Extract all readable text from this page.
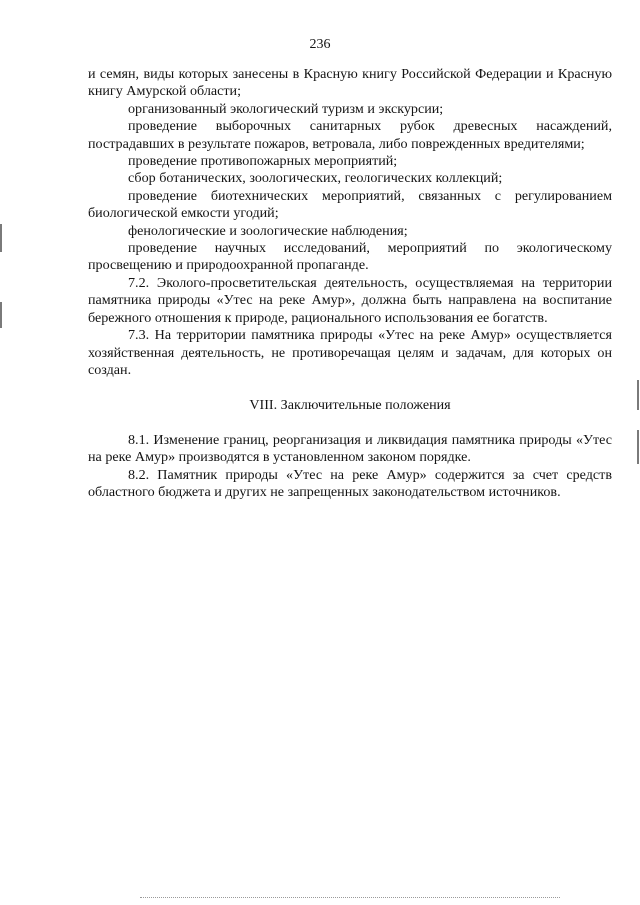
236

и семян, виды которых занесены в Красную книгу Российской Федерации и Красную книгу Амурской области;

организованный экологический туризм и экскурсии;

проведение выборочных санитарных рубок древесных насаждений, пострадавших в результате пожаров, ветровала, либо поврежденных вредителями;

проведение противопожарных мероприятий;

сбор ботанических, зоологических, геологических коллекций;

проведение биотехнических мероприятий, связанных с регулированием биологической емкости угодий;

фенологические и зоологические наблюдения;

проведение научных исследований, мероприятий по экологическому просвещению и природоохранной пропаганде.

7.2. Эколого-просветительская деятельность, осуществляемая на территории памятника природы «Утес на реке Амур», должна быть направлена на воспитание бережного отношения к природе, рационального использования ее богатств.

7.3. На территории памятника природы «Утес на реке Амур» осуществляется хозяйственная деятельность, не противоречащая целям и задачам, для которых он создан.

VIII. Заключительные положения

8.1. Изменение границ, реорганизация и ликвидация памятника природы «Утес на реке Амур» производятся в установленном законом порядке.

8.2. Памятник природы «Утес на реке Амур» содержится за счет средств областного бюджета и других не запрещенных законодательством источников.
